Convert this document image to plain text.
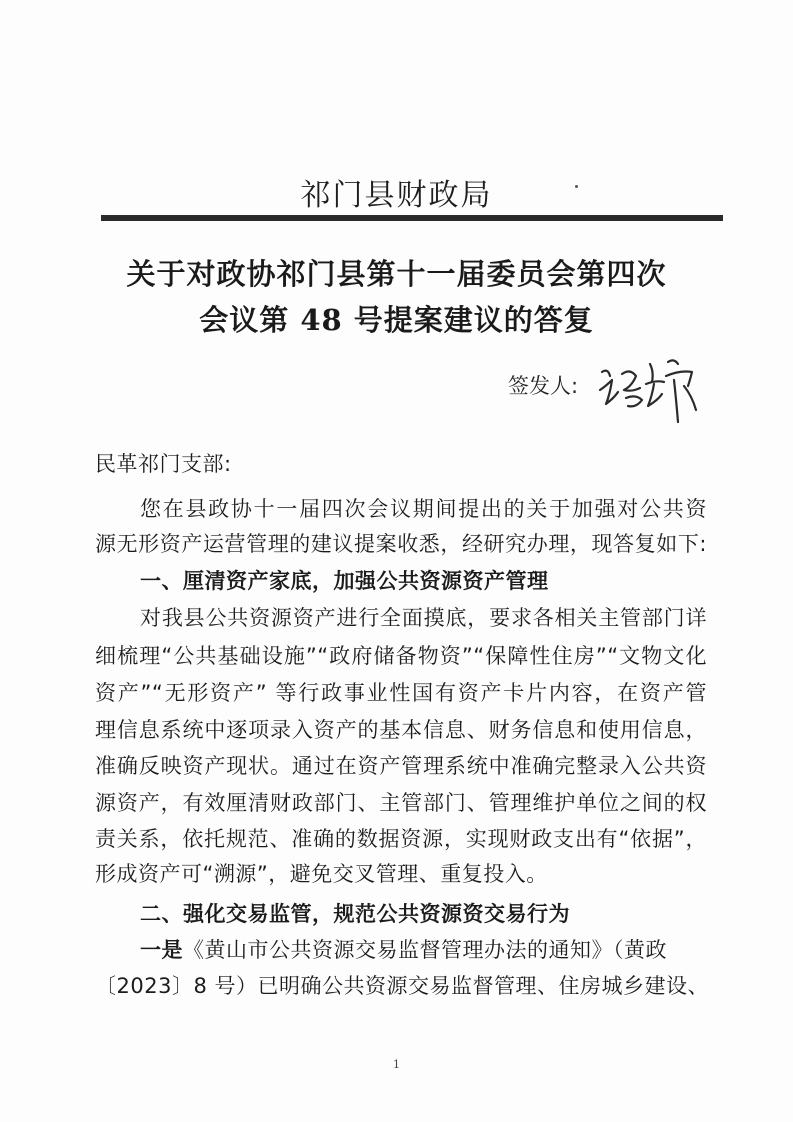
祁门县财政局
关于对政协祁门县第十一届委员会第四次
会议第 48 号提案建议的答复
签发人:
民革祁门支部:
您在县政协十一届四次会议期间提出的关于加强对公共资
源无形资产运营管理的建议提案收悉，经研究办理，现答复如下:
一、厘清资产家底，加强公共资源资产管理
对我县公共资源资产进行全面摸底，要求各相关主管部门详
细梳理“公共基础设施”“政府储备物资”“保障性住房”“文物文化
资产”“无形资产” 等行政事业性国有资产卡片内容，在资产管
理信息系统中逐项录入资产的基本信息、财务信息和使用信息，
准确反映资产现状。通过在资产管理系统中准确完整录入公共资
源资产，有效厘清财政部门、主管部门、管理维护单位之间的权
责关系，依托规范、准确的数据资源，实现财政支出有“依据”，
形成资产可“溯源”，避免交叉管理、重复投入。
二、强化交易监管，规范公共资源资交易行为
一是《黄山市公共资源交易监督管理办法的通知》（黄政
〔2023〕8 号）已明确公共资源交易监督管理、住房城乡建设、
1
